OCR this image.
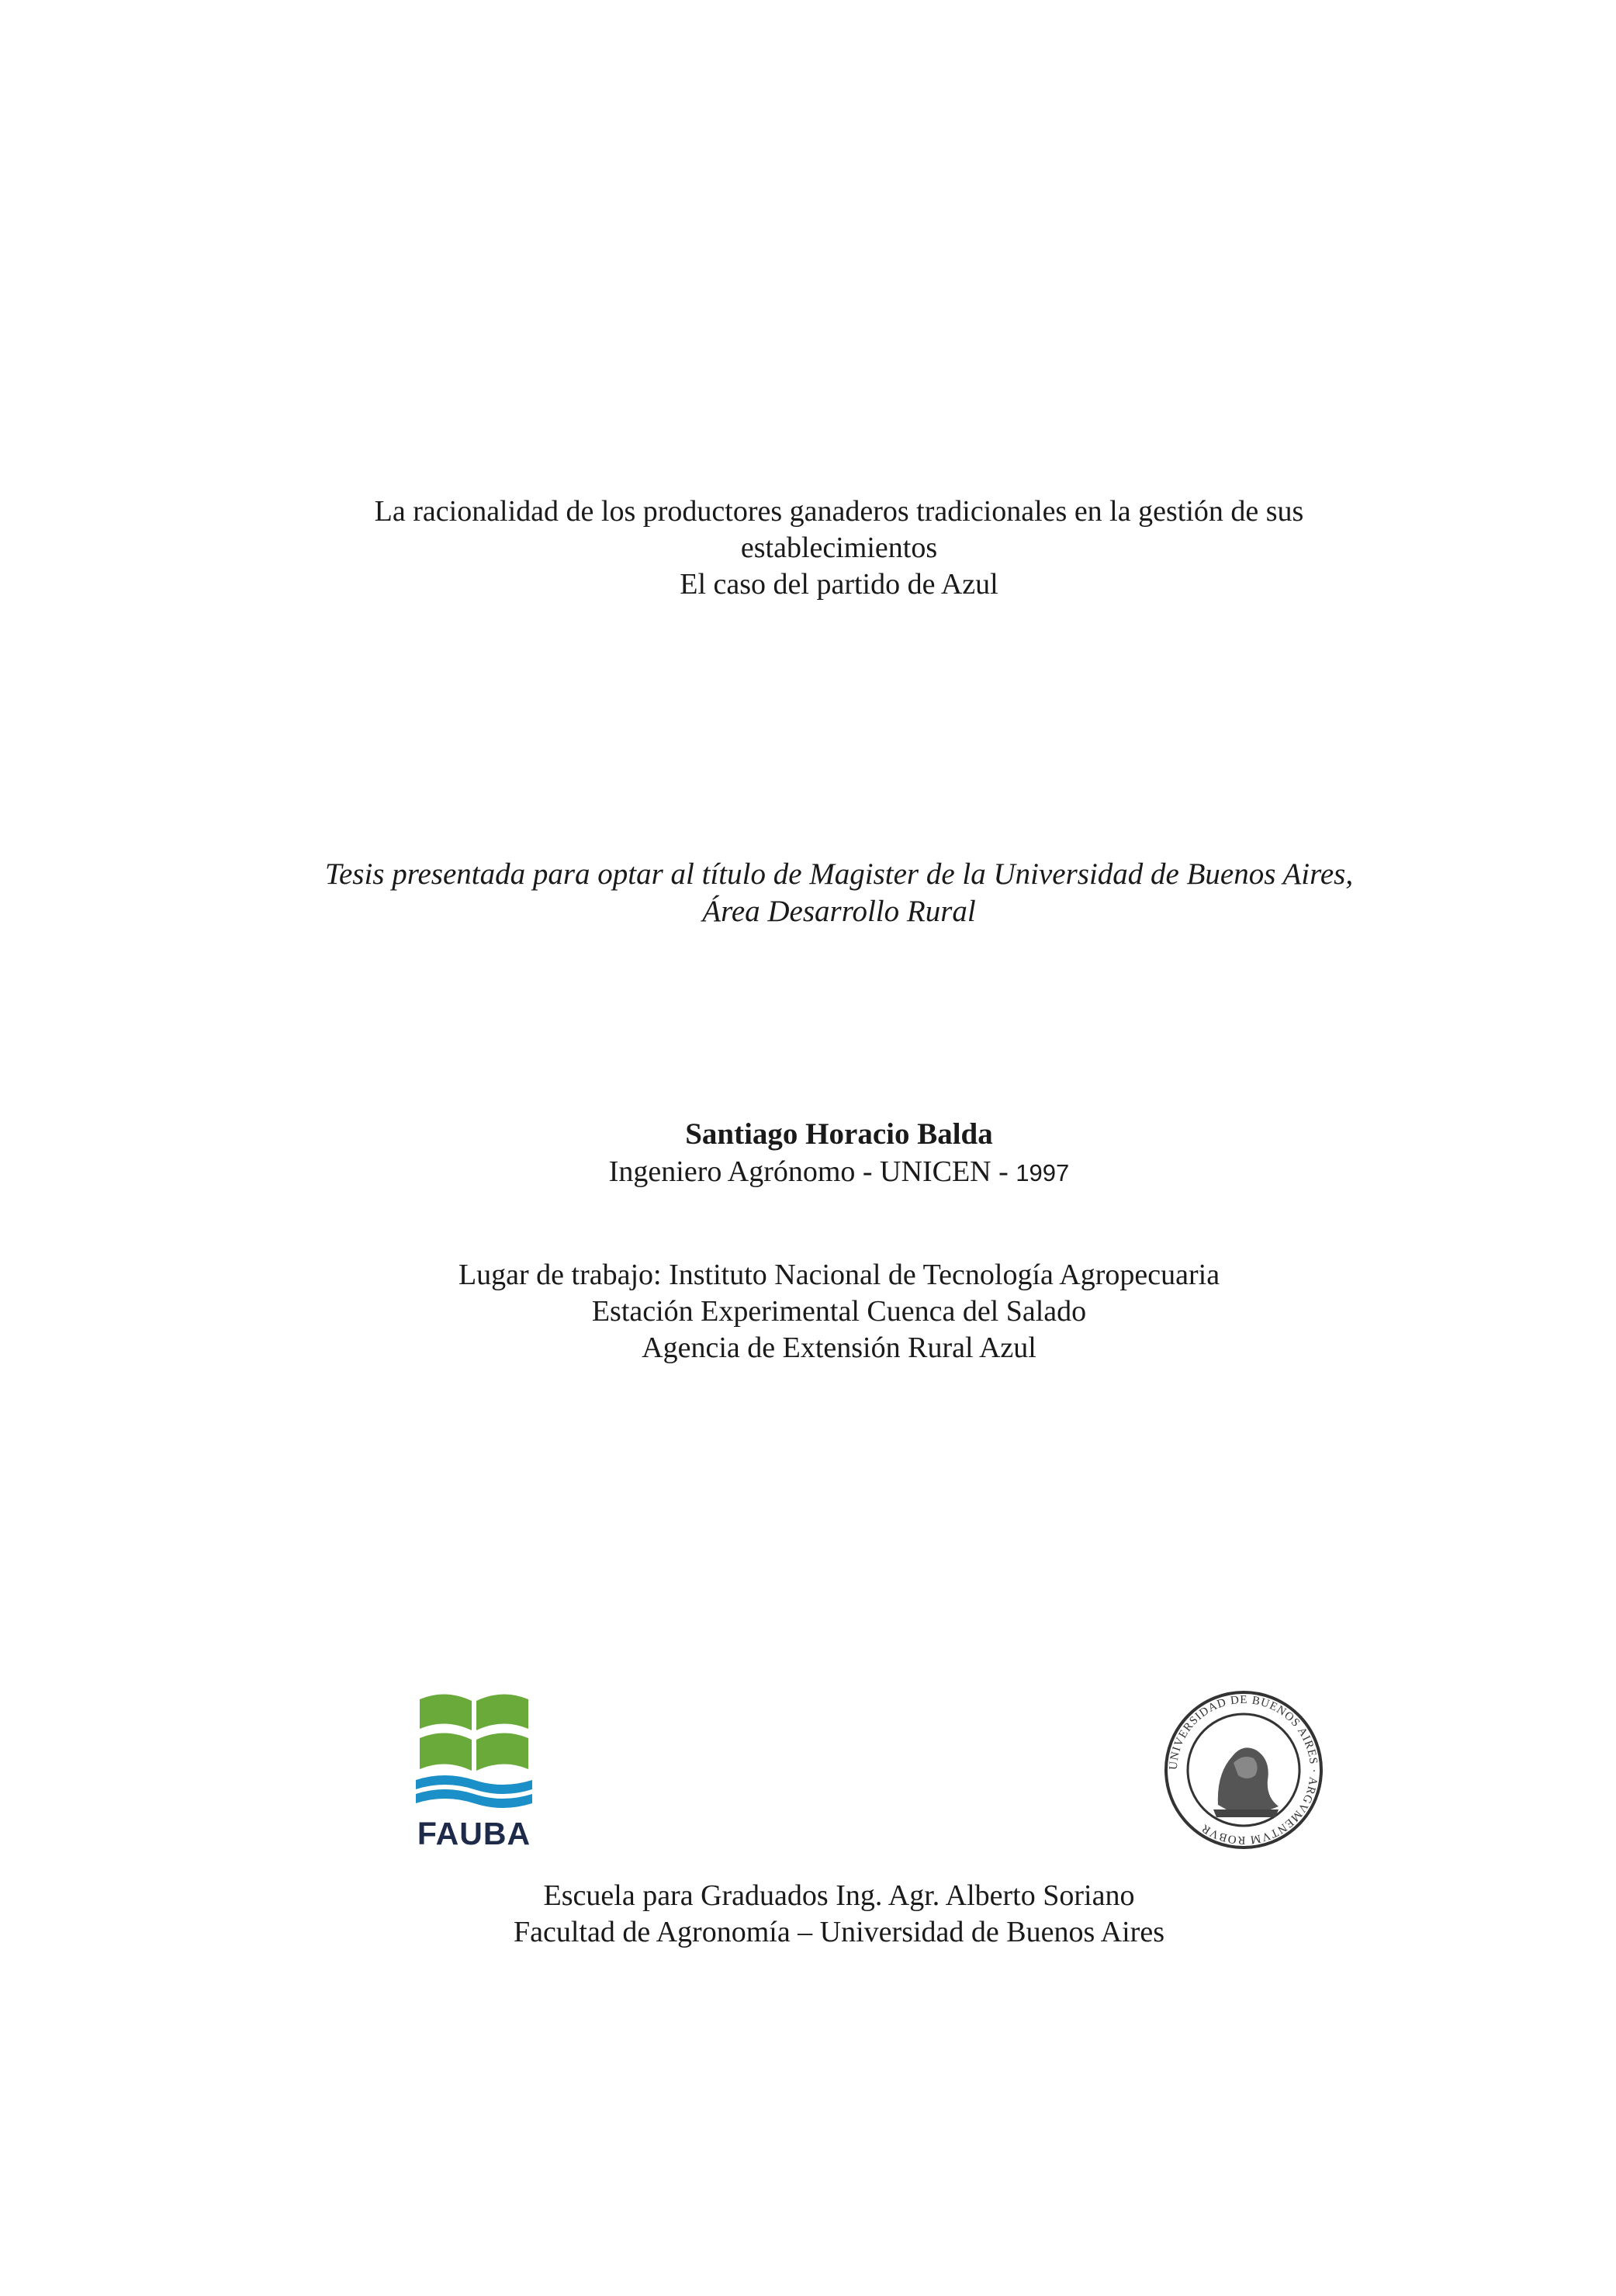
La racionalidad de los productores ganaderos tradicionales en la gestión de sus
establecimientos
El caso del partido de Azul
Tesis presentada para optar al título de Magister de la Universidad de Buenos Aires,
Área Desarrollo Rural
Santiago Horacio Balda
Ingeniero Agrónomo - UNICEN - 1997
Lugar de trabajo: Instituto Nacional de Tecnología Agropecuaria
Estación Experimental Cuenca del Salado
Agencia de Extensión Rural Azul
FAUBA
UNIVERSIDAD DE BUENOS AIRES · ARGVMENTVM ROBVR
Escuela para Graduados Ing. Agr. Alberto Soriano
Facultad de Agronomía – Universidad de Buenos Aires
